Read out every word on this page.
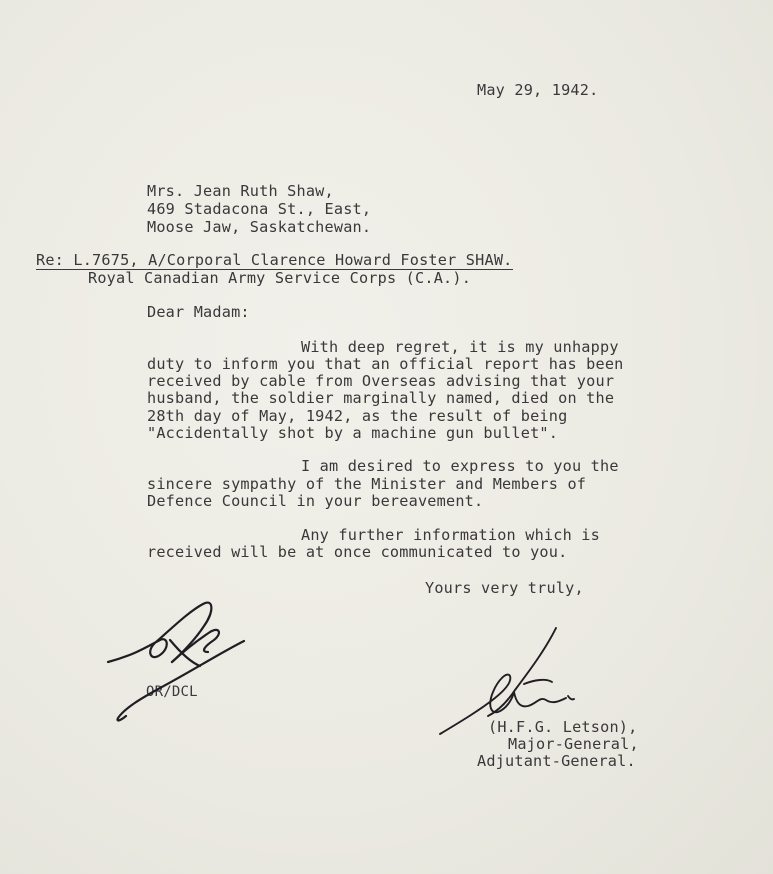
May 29, 1942.
Mrs. Jean Ruth Shaw,
469 Stadacona St., East,
Moose Jaw, Saskatchewan.
Re: L.7675, A/Corporal Clarence Howard Foster SHAW.
Royal Canadian Army Service Corps (C.A.).
Dear Madam:
With deep regret, it is my unhappy
duty to inform you that an official report has been
received by cable from Overseas advising that your
husband, the soldier marginally named, died on the
28th day of May, 1942, as the result of being
"Accidentally shot by a machine gun bullet".
I am desired to express to you the
sincere sympathy of the Minister and Members of
Defence Council in your bereavement.
Any further information which is
received will be at once communicated to you.
Yours very truly,
OR/DCL
(H.F.G. Letson),
Major-General,
Adjutant-General.
